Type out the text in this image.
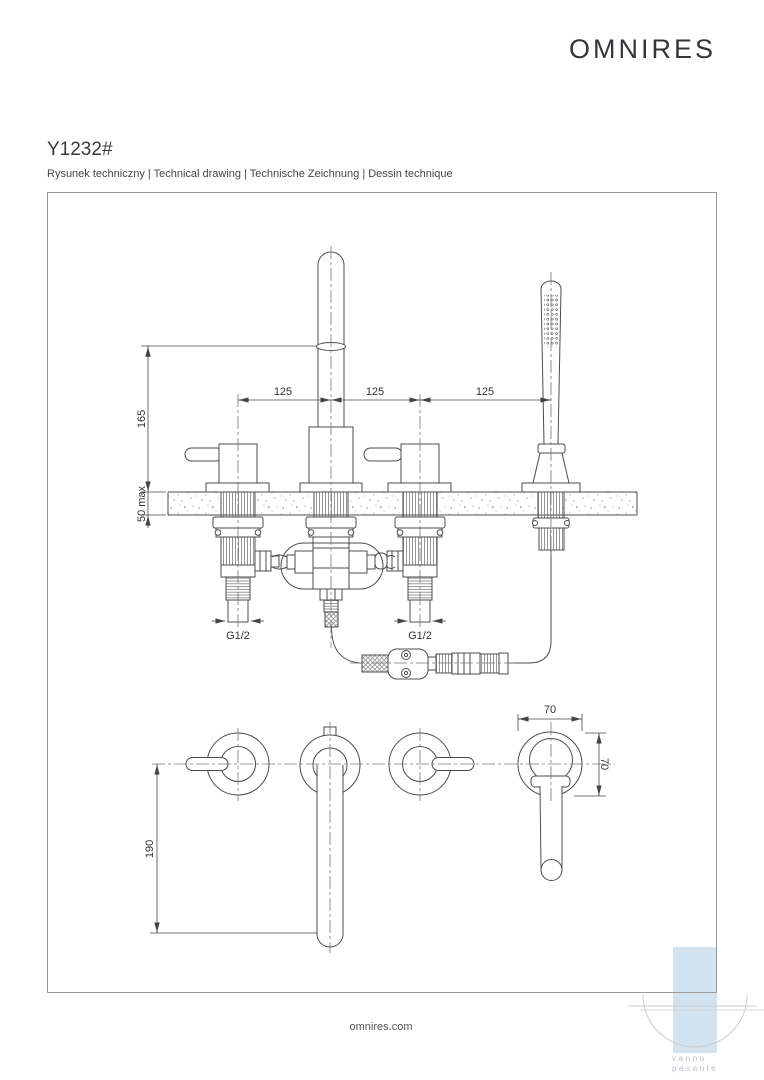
OMNIRES
Y1232#
Rysunek techniczny | Technical drawing | Technische Zeichnung | Dessin technique
125	125	125
165
50 max
G1/2	G1/2
190
70
70
vannu
pasaule
omnires.com
